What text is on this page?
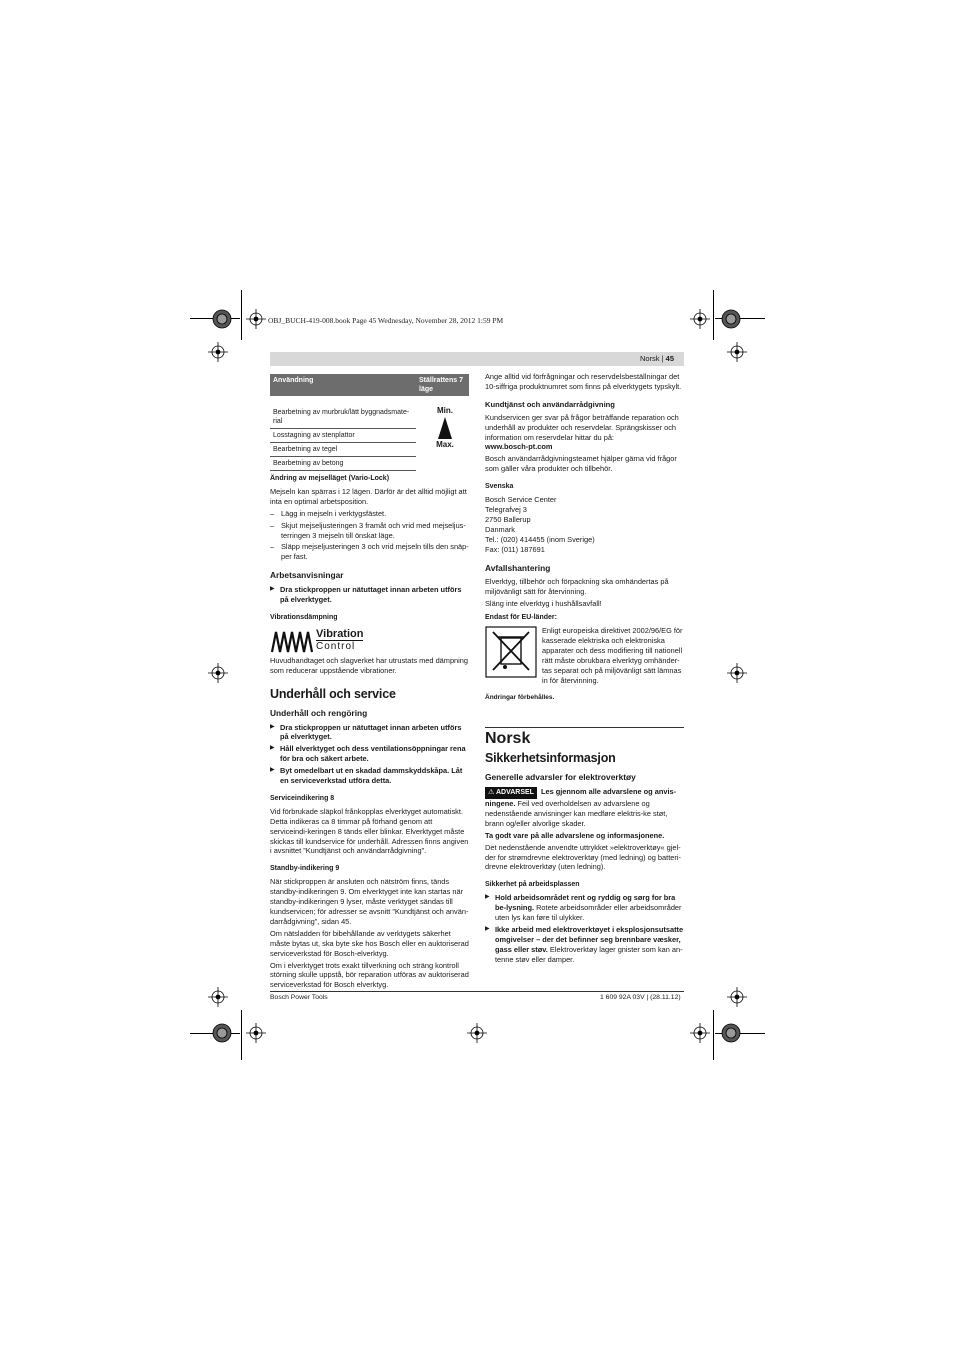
OBJ_BUCH-419-008.book Page 45 Wednesday, November 28, 2012 1:59 PM
Norsk | 45
Användning	Ställrattens 7 läge
Bearbetning av murbruk/lätt byggnadsmate-rial	
Losstagning av stenplattor	
Bearbetning av tegel	
Bearbetning av betong	
Min.
Max.

Ändring av mejselläget (Vario-Lock)

Mejseln kan spärras i 12 lägen. Därför är det alltid möjligt att inta en optimal arbetsposition.

– Lägg in mejseln i verktygsfästet.

– Skjut mejseljusteringen 3 framåt och vrid med mejseljus-terringen 3 mejseln till önskat läge.

– Släpp mejseljusteringen 3 och vrid mejseln tills den snäp-per fast.

Arbetsanvisningar

▶ Dra stickproppen ur nätuttaget innan arbeten utförs på elverktyget.

Vibrationsdämpning

Vibration
Control

Huvudhandtaget och slagverket har utrustats med dämpning som reducerar uppstående vibrationer.

Underhåll och service

Underhåll och rengöring

▶ Dra stickproppen ur nätuttaget innan arbeten utförs på elverktyget.

▶ Håll elverktyget och dess ventilationsöppningar rena för bra och säkert arbete.

▶ Byt omedelbart ut en skadad dammskyddskåpa. Låt en serviceverkstad utföra detta.

Serviceindikering 8

Vid förbrukade släpkol frånkopplas elverktyget automatiskt. Detta indikeras ca 8 timmar på förhand genom att serviceindi-keringen 8 tänds eller blinkar. Elverktyget måste skickas till kundservice för underhåll. Adressen finns angiven i avsnittet ”Kundtjänst och användarrådgivning”.

Standby-indikering 9

När stickproppen är ansluten och nätström finns, tänds standby-indikeringen 9. Om elverktyget inte kan startas när standby-indikeringen 9 lyser, måste verktyget sändas till kundservicen; för adresser se avsnitt ”Kundtjänst och använ-darrådgivning”, sidan 45.

Om nätsladden för bibehållande av verktygets säkerhet måste bytas ut, ska byte ske hos Bosch eller en auktoriserad serviceverkstad för Bosch-elverktyg.

Om i elverktyget trots exakt tillverkning och sträng kontroll störning skulle uppstå, bör reparation utföras av auktoriserad serviceverkstad för Bosch elverktyg.

Ange alltid vid förfrågningar och reservdelsbeställningar det 10-siffriga produktnumret som finns på elverktygets typskylt.

Kundtjänst och användarrådgivning

Kundservicen ger svar på frågor beträffande reparation och underhåll av produkter och reservdelar. Sprängskisser och information om reservdelar hittar du på:

www.bosch-pt.com

Bosch användarrådgivningsteamet hjälper gärna vid frågor som gäller våra produkter och tillbehör.

Svenska

Bosch Service Center
Telegrafvej 3
2750 Ballerup
Danmark
Tel.: (020) 414455 (inom Sverige)
Fax: (011) 187691

Avfallshantering

Elverktyg, tillbehör och förpackning ska omhändertas på miljövänligt sätt för återvinning.

Släng inte elverktyg i hushållsavfall!

Endast för EU-länder:

Enligt europeiska direktivet 2002/96/EG för kasserade elektriska och elektroniska apparater och dess modifiering till nationell rätt måste obrukbara elverktyg omhänder-tas separat och på miljövänligt sätt lämnas in för återvinning.

Ändringar förbehålles.

Norsk

Sikkerhetsinformasjon

Generelle advarsler for elektroverktøy

⚠ ADVARSEL Les gjennom alle advarslene og anvis-ningene. Feil ved overholdelsen av advarslene og nedenstående anvisninger kan medføre elektris-ke støt, brann og/eller alvorlige skader.

Ta godt vare på alle advarslene og informasjonene.

Det nedenstående anvendte uttrykket »elektroverktøy« gjel-der for strømdrevne elektroverktøy (med ledning) og batteri-drevne elektroverktøy (uten ledning).

Sikkerhet på arbeidsplassen

▶ Hold arbeidsområdet rent og ryddig og sørg for bra be-lysning. Rotete arbeidsområder eller arbeidsområder uten lys kan føre til ulykker.

▶ Ikke arbeid med elektroverktøyet i eksplosjonsutsatte omgivelser – der det befinner seg brennbare væsker, gass eller støv. Elektroverktøy lager gnister som kan an-tenne støv eller damper.

Bosch Power Tools	1 609 92A 03V | (28.11.12)
